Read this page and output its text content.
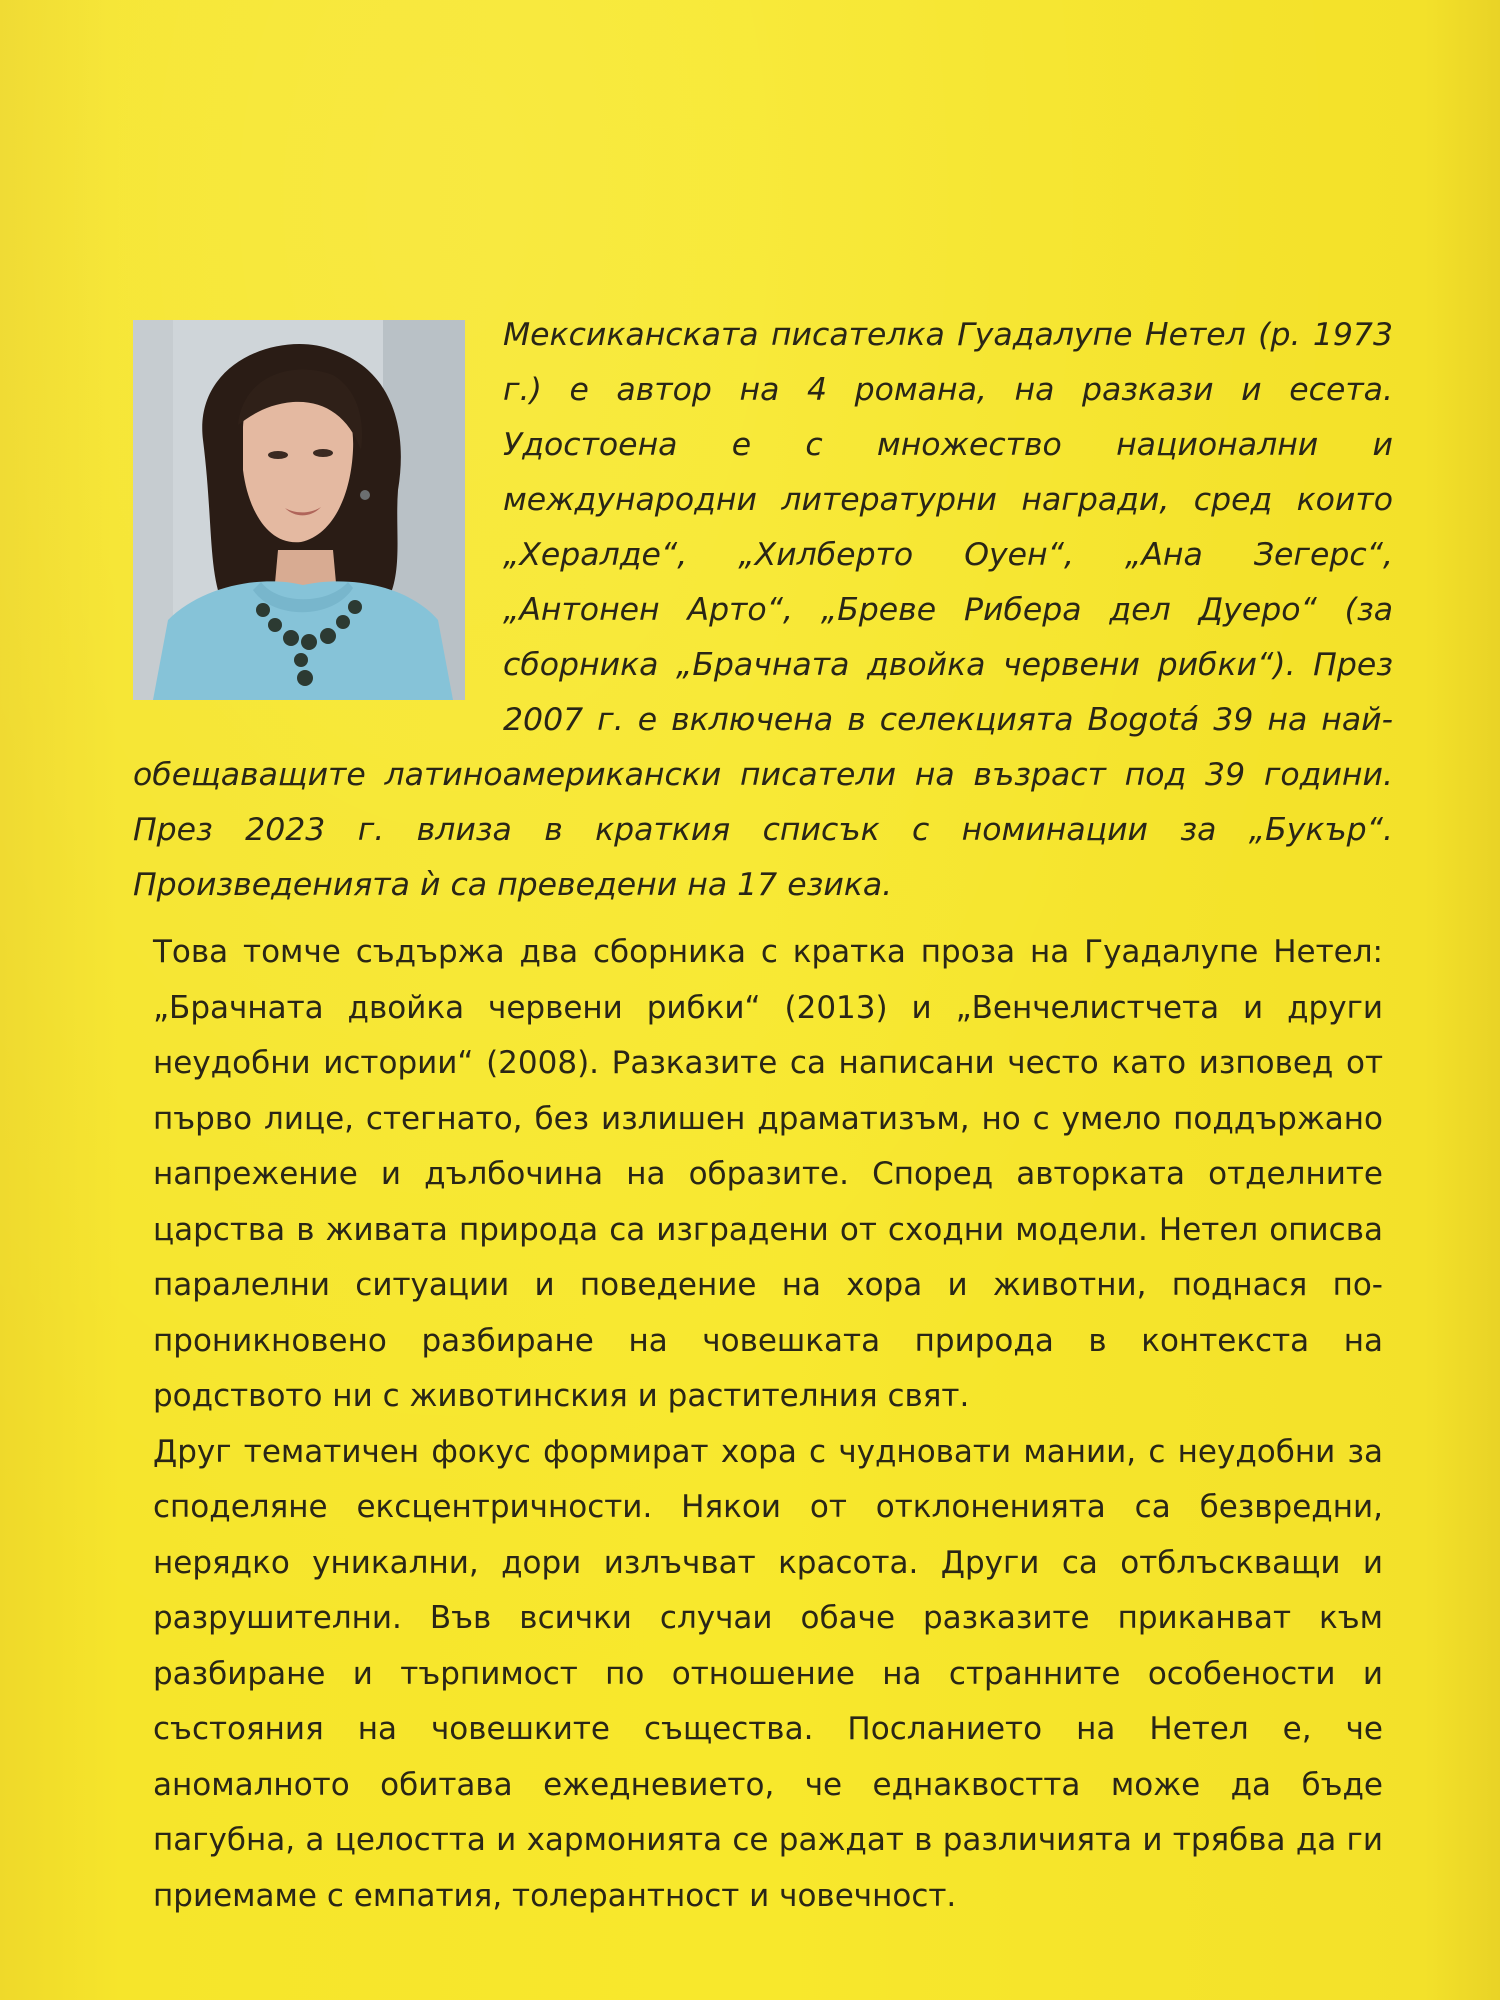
Мексиканската писателка Гуадалупе Нетел (р. 1973 г.) е автор на 4 романа, на разкази и есета. Удостоена е с множество национални и международни литературни награди, сред които „Хералде“, „Хилберто Оуен“, „Ана Зегерс“, „Антонен Арто“, „Бреве Рибера дел Дуеро“ (за сборника „Брачната двойка червени рибки“). През 2007 г. е включена в селекцията Bogotá 39 на най-обещаващите латиноамерикански писатели на възраст под 39 години. През 2023 г. влиза в краткия списък с номинации за „Букър“. Произведенията ѝ са преведени на 17 езика.

Това томче съдържа два сборника с кратка проза на Гуадалупе Нетел: „Брачната двойка червени рибки“ (2013) и „Венчелистчета и други неудобни истории“ (2008). Разказите са написани често като изповед от първо лице, стегнато, без излишен драматизъм, но с умело поддържано напрежение и дълбочина на образите. Според авторката отделните царства в живата природа са изградени от сходни модели. Нетел описва паралелни ситуации и поведение на хора и животни, поднася по-проникновено разбиране на човешката природа в контекста на родството ни с животинския и растителния свят.

Друг тематичен фокус формират хора с чудновати мании, с неудобни за споделяне ексцентричности. Някои от отклоненията са безвредни, нерядко уникални, дори излъчват красота. Други са отблъскващи и разрушителни. Във всички случаи обаче разказите приканват към разбиране и търпимост по отношение на странните особености и състояния на човешките същества. Посланието на Нетел е, че аномалното обитава ежедневието, че еднаквостта може да бъде пагубна, а целостта и хармонията се раждат в различията и трябва да ги приемаме с емпатия, толерантност и човечност.
